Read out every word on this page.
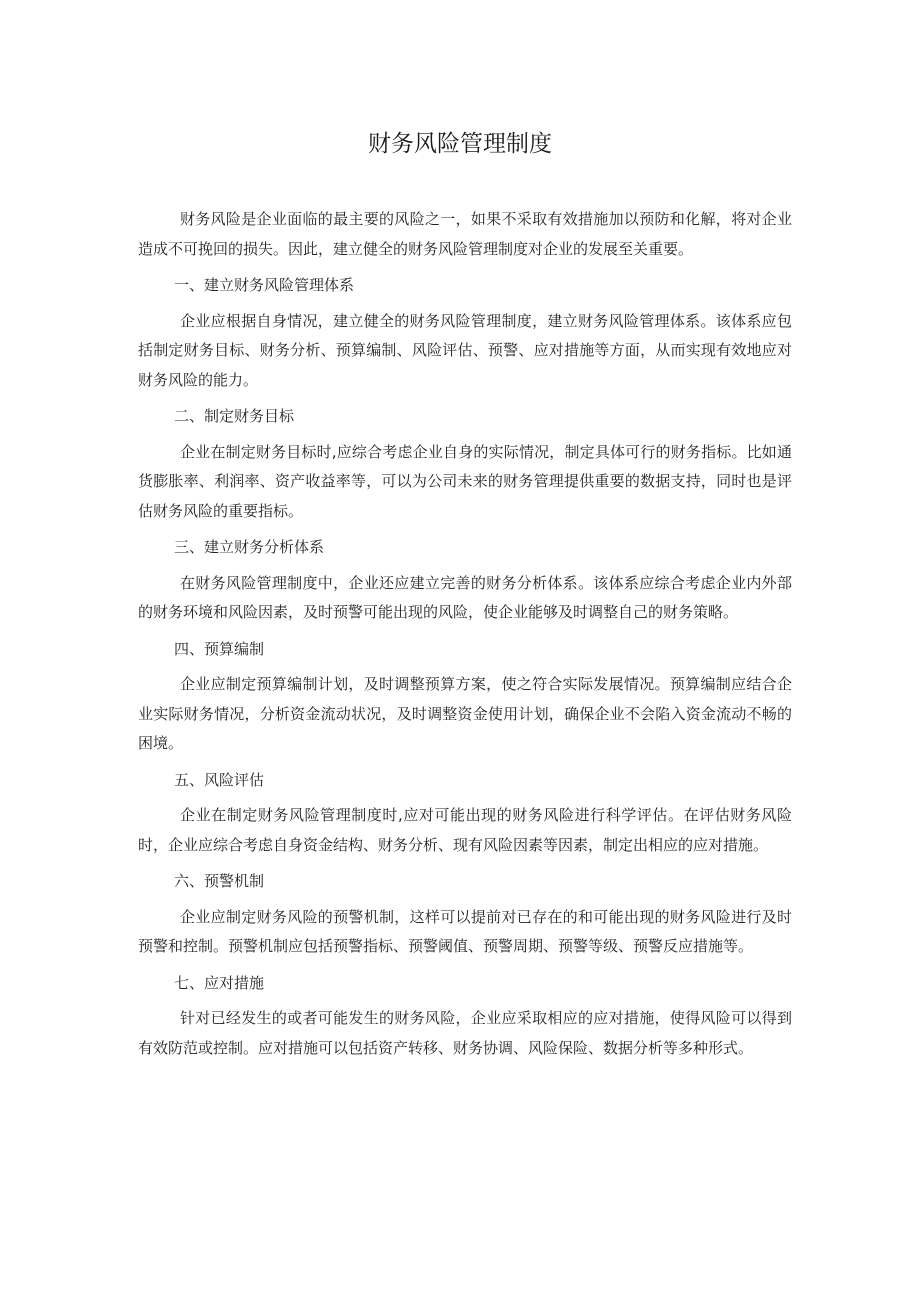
财务风险管理制度

财务风险是企业面临的最主要的风险之一，如果不采取有效措施加以预防和化解，将对企业造成不可挽回的损失。因此，建立健全的财务风险管理制度对企业的发展至关重要。

一、建立财务风险管理体系

企业应根据自身情况，建立健全的财务风险管理制度，建立财务风险管理体系。该体系应包括制定财务目标、财务分析、预算编制、风险评估、预警、应对措施等方面，从而实现有效地应对财务风险的能力。

二、制定财务目标

企业在制定财务目标时,应综合考虑企业自身的实际情况，制定具体可行的财务指标。比如通货膨胀率、利润率、资产收益率等，可以为公司未来的财务管理提供重要的数据支持，同时也是评估财务风险的重要指标。

三、建立财务分析体系

在财务风险管理制度中，企业还应建立完善的财务分析体系。该体系应综合考虑企业内外部的财务环境和风险因素，及时预警可能出现的风险，使企业能够及时调整自己的财务策略。

四、预算编制

企业应制定预算编制计划，及时调整预算方案，使之符合实际发展情况。预算编制应结合企业实际财务情况，分析资金流动状况，及时调整资金使用计划，确保企业不会陷入资金流动不畅的困境。

五、风险评估

企业在制定财务风险管理制度时,应对可能出现的财务风险进行科学评估。在评估财务风险时，企业应综合考虑自身资金结构、财务分析、现有风险因素等因素，制定出相应的应对措施。

六、预警机制

企业应制定财务风险的预警机制，这样可以提前对已存在的和可能出现的财务风险进行及时预警和控制。预警机制应包括预警指标、预警阈值、预警周期、预警等级、预警反应措施等。

七、应对措施

针对已经发生的或者可能发生的财务风险，企业应采取相应的应对措施，使得风险可以得到有效防范或控制。应对措施可以包括资产转移、财务协调、风险保险、数据分析等多种形式。
